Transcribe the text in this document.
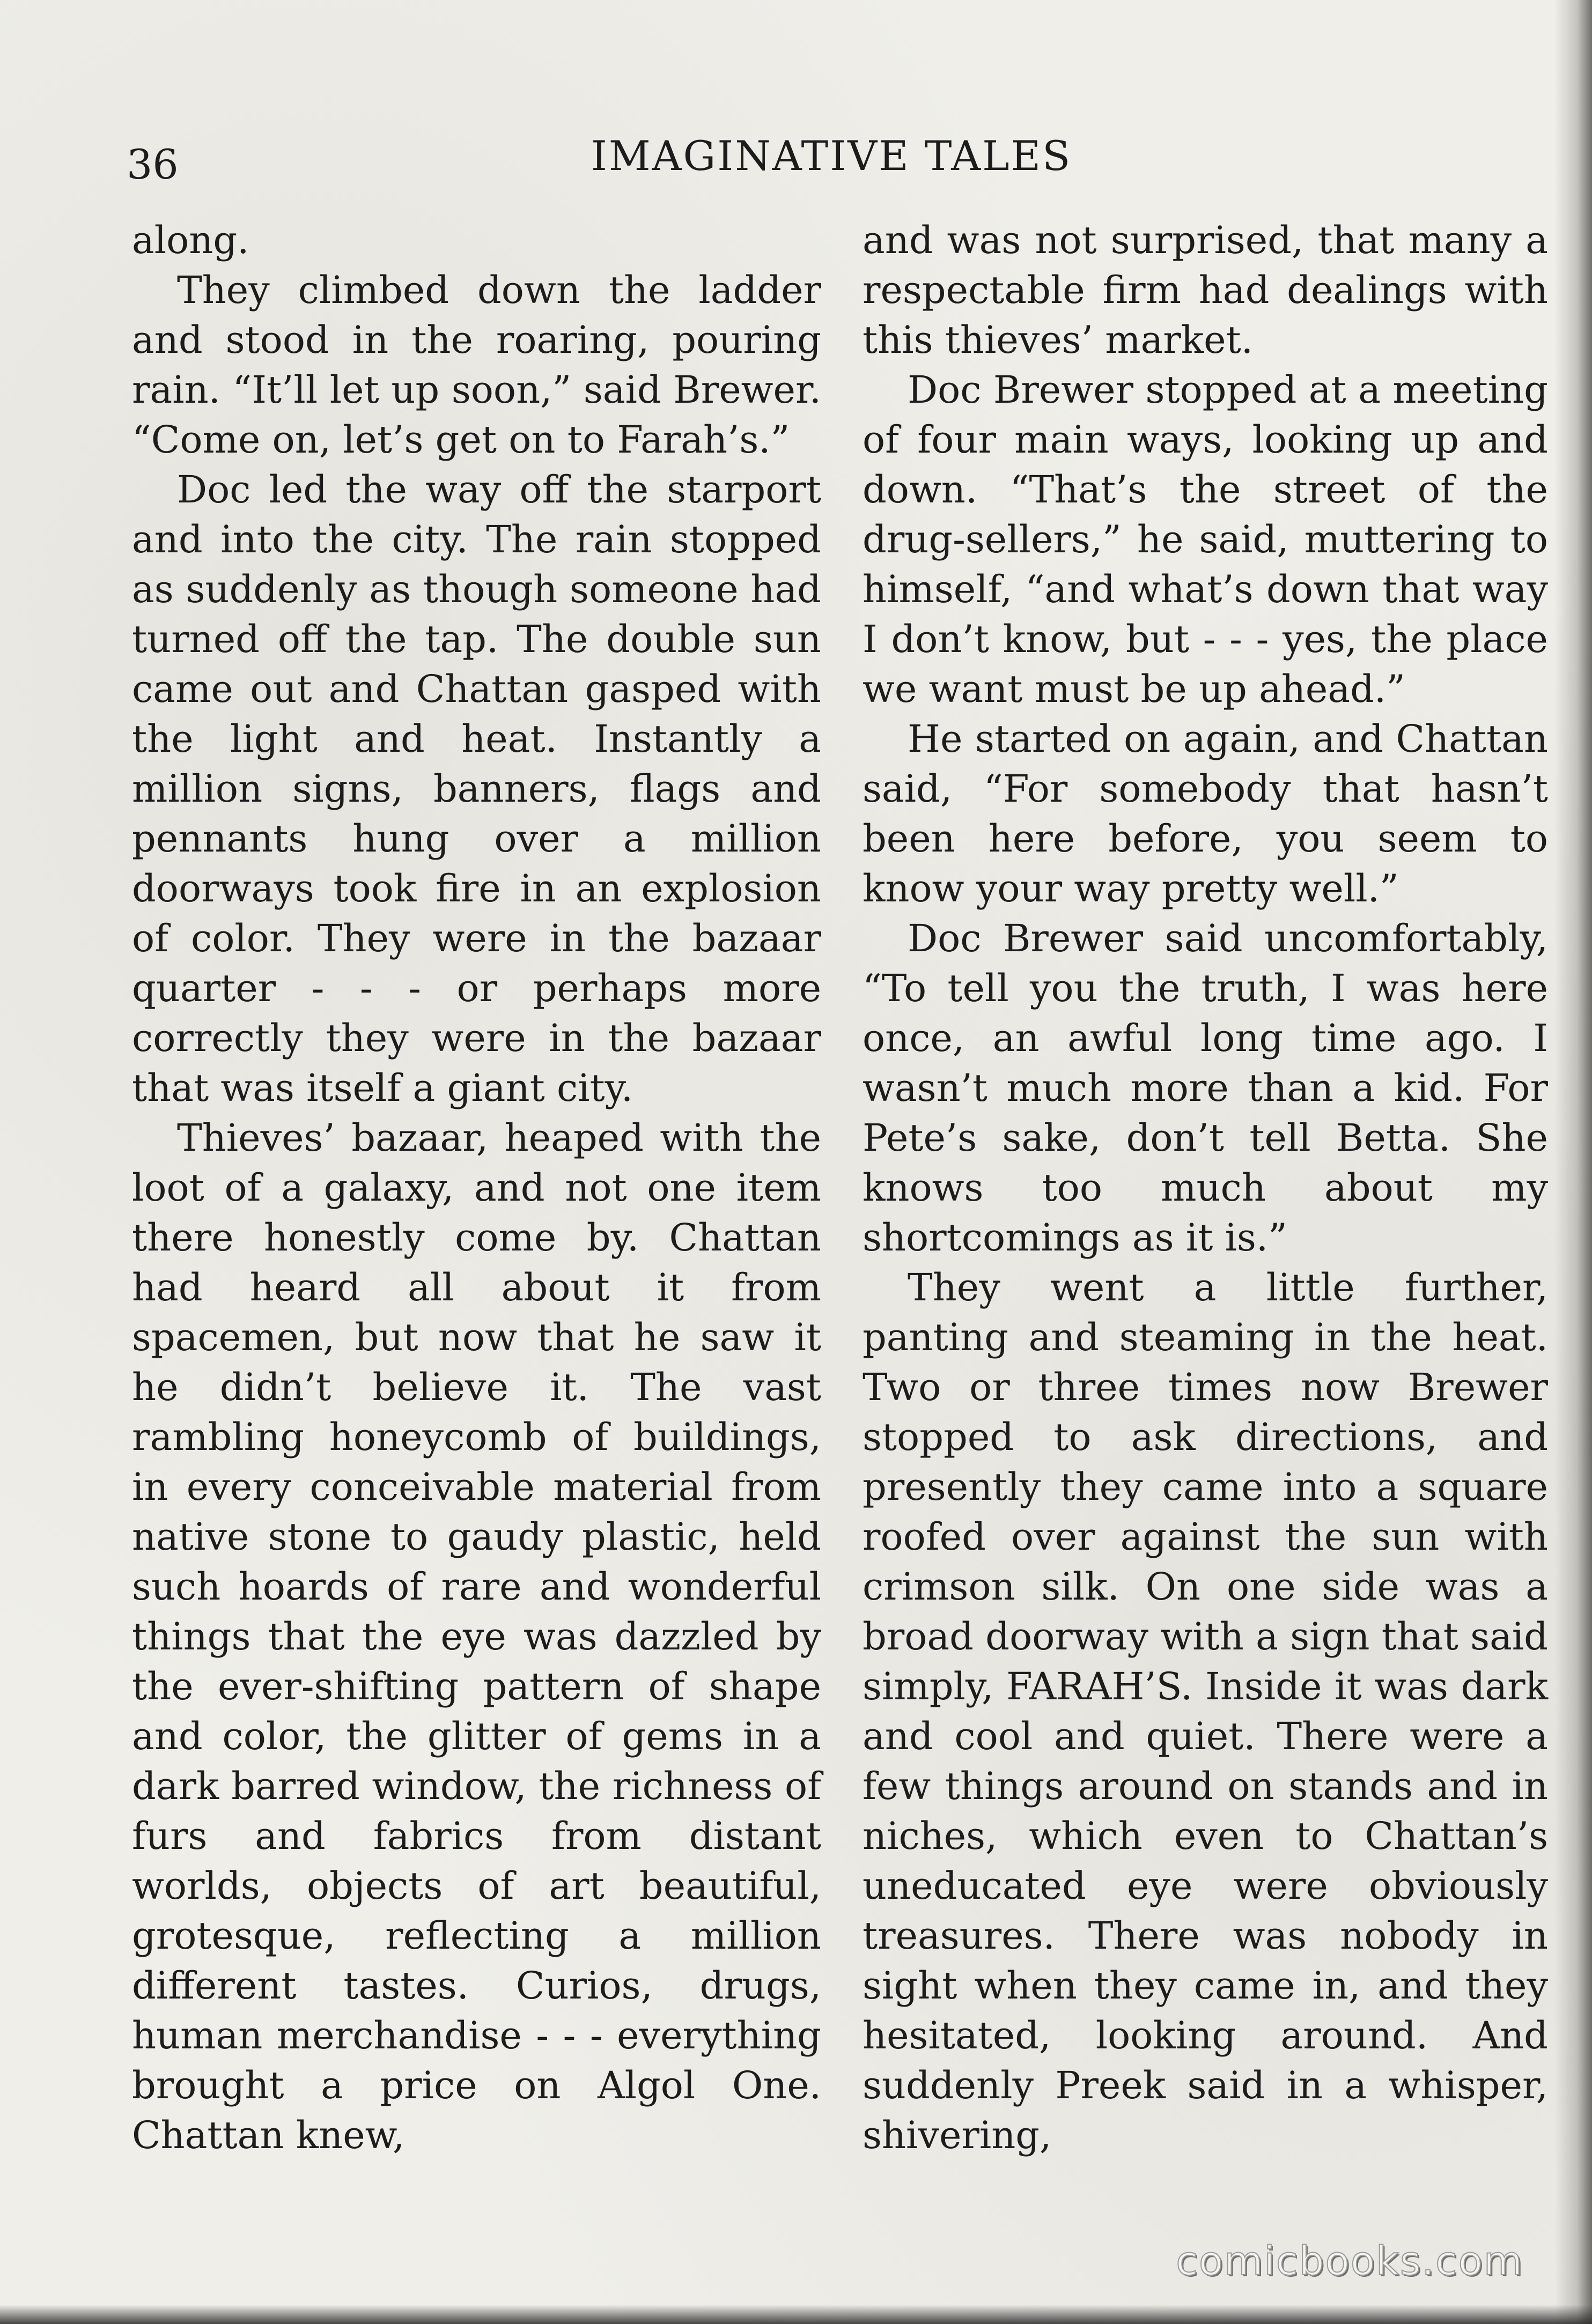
36	IMAGINATIVE TALES

along.

They climbed down the ladder and stood in the roaring, pouring rain. “It’ll let up soon,” said Brewer. “Come on, let’s get on to Farah’s.”

Doc led the way off the starport and into the city. The rain stopped as suddenly as though someone had turned off the tap. The double sun came out and Chattan gasped with the light and heat. Instantly a million signs, banners, flags and pennants hung over a million doorways took fire in an explosion of color. They were in the bazaar quarter - - - or perhaps more correctly they were in the bazaar that was itself a giant city.

Thieves’ bazaar, heaped with the loot of a galaxy, and not one item there honestly come by. Chattan had heard all about it from spacemen, but now that he saw it he didn’t believe it. The vast rambling honeycomb of buildings, in every conceivable material from native stone to gaudy plastic, held such hoards of rare and wonderful things that the eye was dazzled by the ever-shifting pattern of shape and color, the glitter of gems in a dark barred window, the richness of furs and fabrics from distant worlds, objects of art beautiful, grotesque, reflecting a million different tastes. Curios, drugs, human merchandise - - - everything brought a price on Algol One. Chattan knew,

and was not surprised, that many a respectable firm had dealings with this thieves’ market.

Doc Brewer stopped at a meeting of four main ways, looking up and down. “That’s the street of the drug-sellers,” he said, muttering to himself, “and what’s down that way I don’t know, but - - - yes, the place we want must be up ahead.”

He started on again, and Chattan said, “For somebody that hasn’t been here before, you seem to know your way pretty well.”

Doc Brewer said uncomfortably, “To tell you the truth, I was here once, an awful long time ago. I wasn’t much more than a kid. For Pete’s sake, don’t tell Betta. She knows too much about my shortcomings as it is.”

They went a little further, panting and steaming in the heat. Two or three times now Brewer stopped to ask directions, and presently they came into a square roofed over against the sun with crimson silk. On one side was a broad doorway with a sign that said simply, FARAH’S. Inside it was dark and cool and quiet. There were a few things around on stands and in niches, which even to Chattan’s uneducated eye were obviously treasures. There was nobody in sight when they came in, and they hesitated, looking around. And suddenly Preek said in a whisper, shivering,

comicbooks.com
